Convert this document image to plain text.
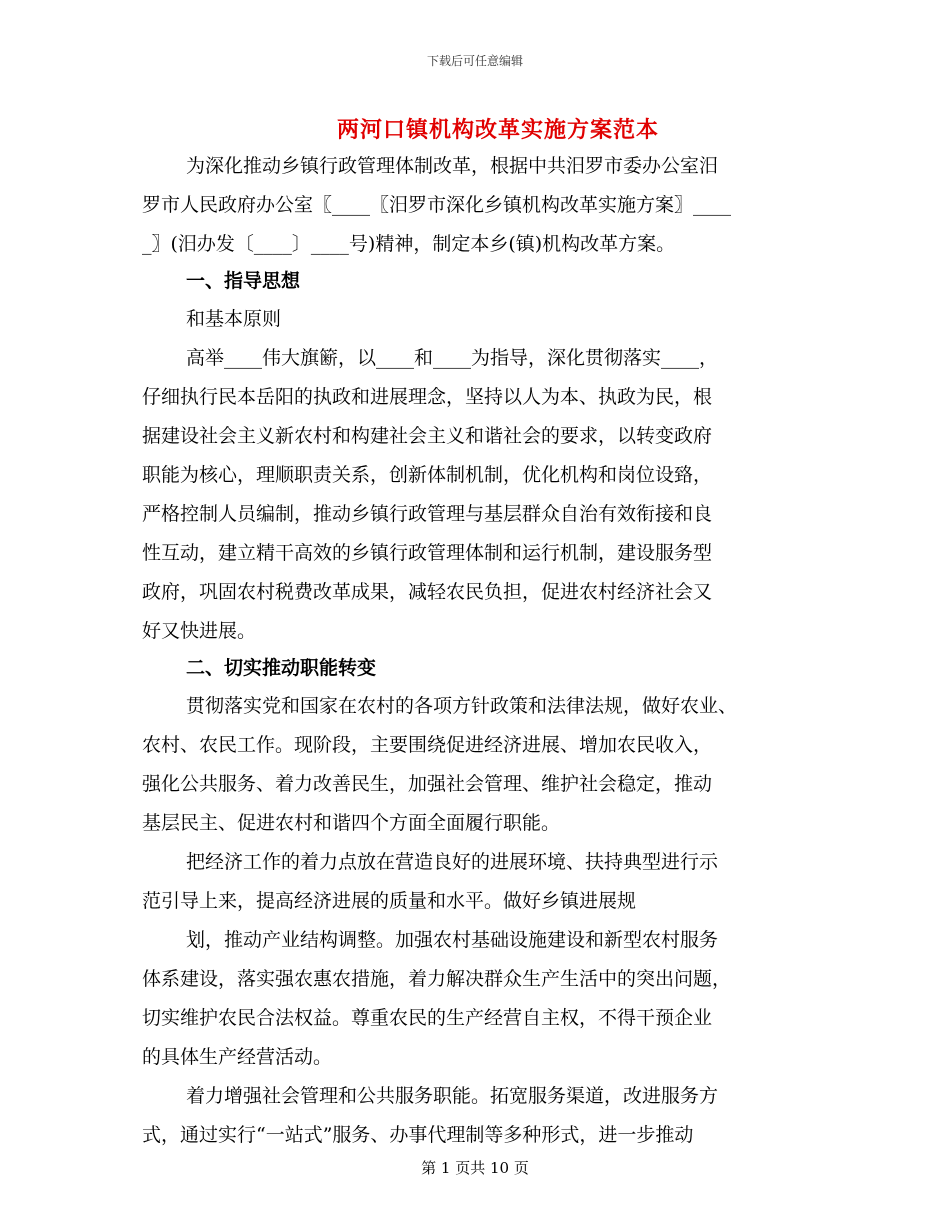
下载后可任意编辑
两河口镇机构改革实施方案范本
为深化推动乡镇行政管理体制改革，根据中共汨罗市委办公室汨
罗市人民政府办公室〖____〖汨罗市深化乡镇机构改革实施方案〗____
_〗(汨办发〔____〕____号)精神，制定本乡(镇)机构改革方案。
一、指导思想
和基本原则
高举____伟大旗簖，以____和____为指导，深化贯彻落实____，
仔细执行民本岳阳的执政和进展理念，坚持以人为本、执政为民，根
据建设社会主义新农村和构建社会主义和谐社会的要求，以转变政府
职能为核心，理顺职责关系，创新体制机制，优化机构和岗位设臵，
严格控制人员编制，推动乡镇行政管理与基层群众自治有效衔接和良
性互动，建立精干高效的乡镇行政管理体制和运行机制，建设服务型
政府，巩固农村税费改革成果，减轻农民负担，促进农村经济社会又
好又快进展。
二、切实推动职能转变
贯彻落实党和国家在农村的各项方针政策和法律法规，做好农业、
农村、农民工作。现阶段，主要围绕促进经济进展、增加农民收入，
强化公共服务、着力改善民生，加强社会管理、维护社会稳定，推动
基层民主、促进农村和谐四个方面全面履行职能。
把经济工作的着力点放在营造良好的进展环境、扶持典型进行示
范引导上来，提高经济进展的质量和水平。做好乡镇进展规
划，推动产业结构调整。加强农村基础设施建设和新型农村服务
体系建设，落实强农惠农措施，着力解决群众生产生活中的突出问题，
切实维护农民合法权益。尊重农民的生产经营自主权，不得干预企业
的具体生产经营活动。
着力增强社会管理和公共服务职能。拓宽服务渠道，改进服务方
式，通过实行“一站式”服务、办事代理制等多种形式，进一步推动
第 1 页共 10 页
